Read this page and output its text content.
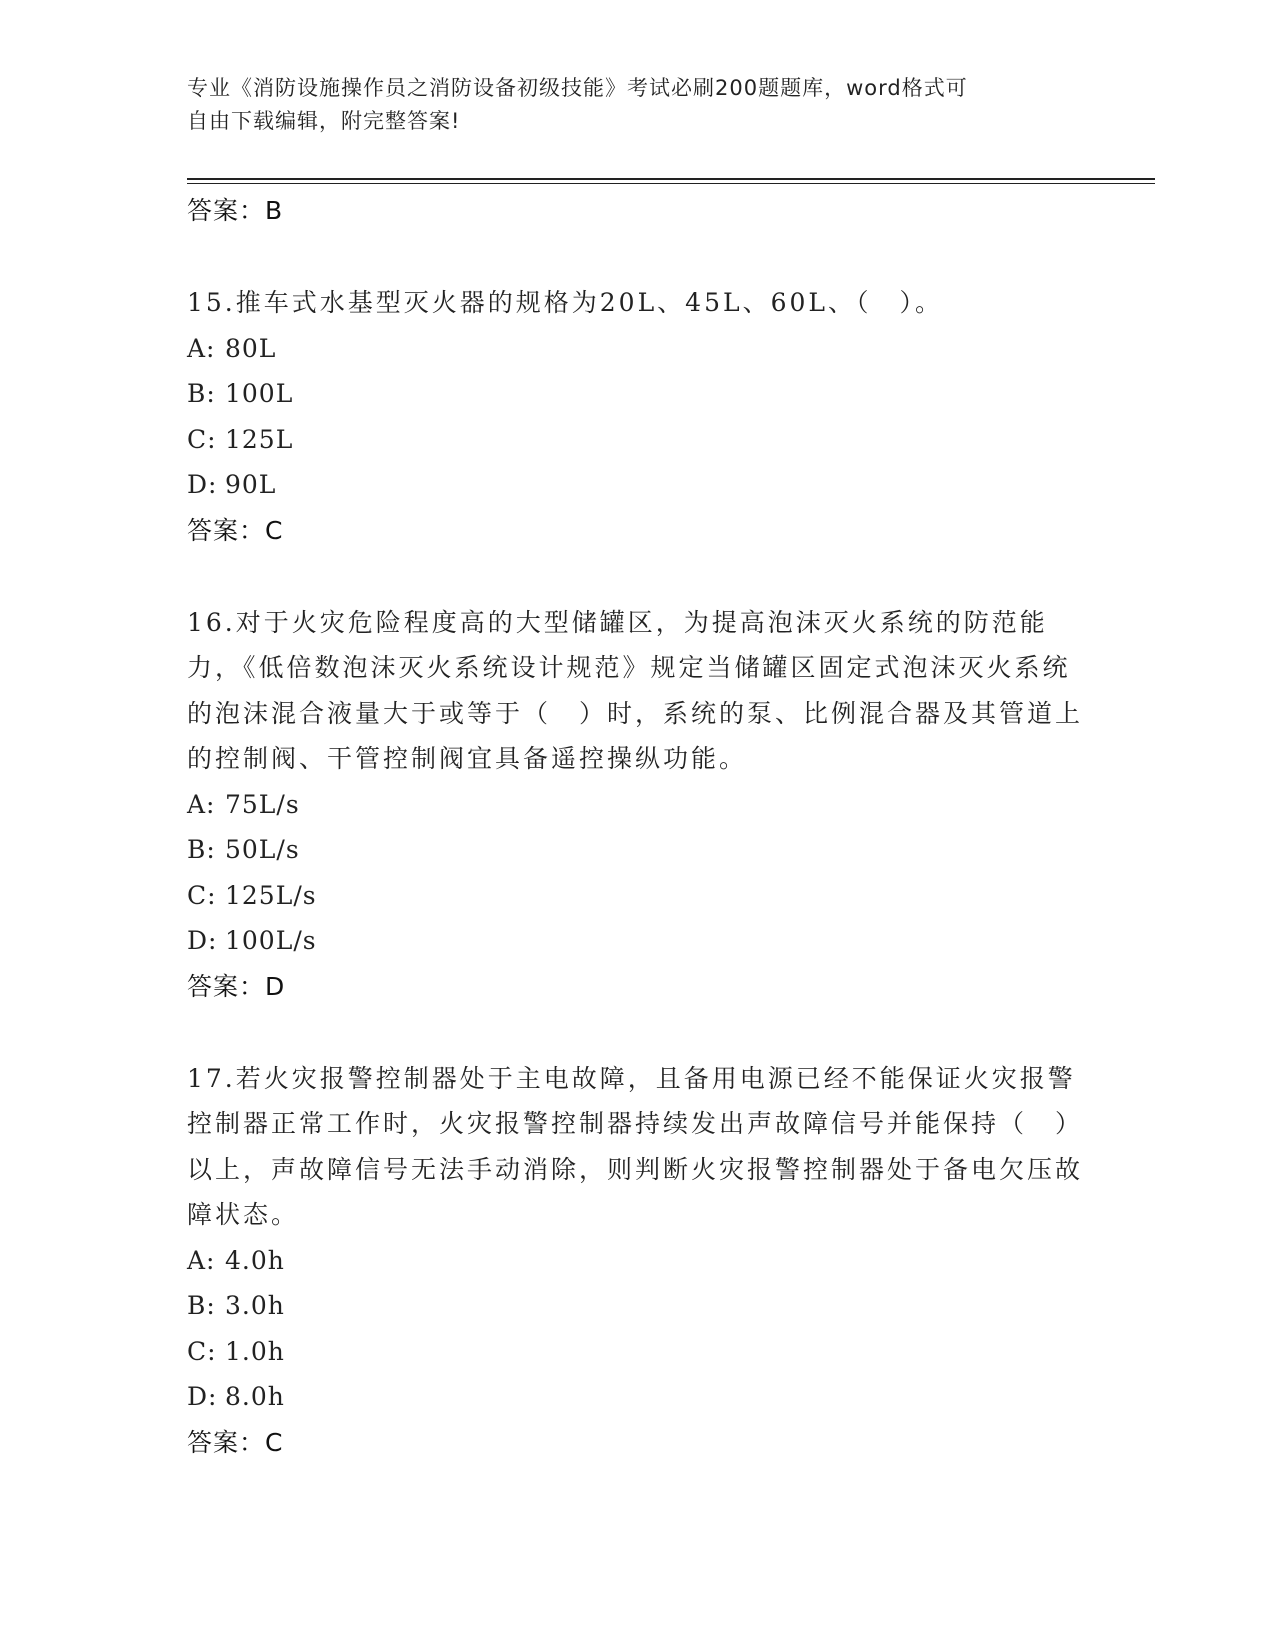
专业《消防设施操作员之消防设备初级技能》考试必刷200题题库，word格式可
自由下载编辑，附完整答案!
答案：B

15.推车式水基型灭火器的规格为20L、45L、60L、（　）。

A: 80L
B: 100L
C: 125L
D: 90L
答案：C

16.对于火灾危险程度高的大型储罐区，为提高泡沫灭火系统的防范能力，《低倍数泡沫灭火系统设计规范》规定当储罐区固定式泡沫灭火系统的泡沫混合液量大于或等于（　）时，系统的泵、比例混合器及其管道上的控制阀、干管控制阀宜具备遥控操纵功能。

A: 75L/s
B: 50L/s
C: 125L/s
D: 100L/s
答案：D

17.若火灾报警控制器处于主电故障，且备用电源已经不能保证火灾报警控制器正常工作时，火灾报警控制器持续发出声故障信号并能保持（　）以上，声故障信号无法手动消除，则判断火灾报警控制器处于备电欠压故障状态。

A: 4.0h
B: 3.0h
C: 1.0h
D: 8.0h
答案：C
